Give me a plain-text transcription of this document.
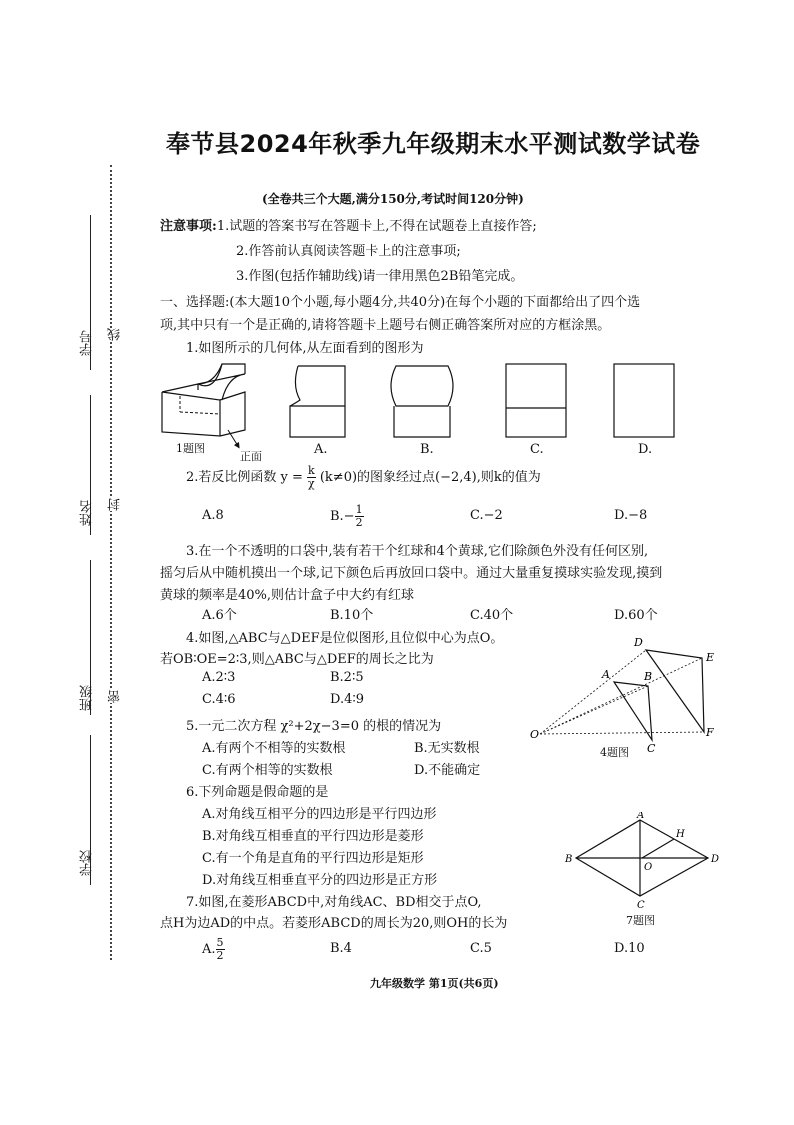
学号
姓名
班级
学校
线
封
密
奉节县2024年秋季九年级期末水平测试数学试卷
(全卷共三个大题,满分150分,考试时间120分钟)
注意事项:1.试题的答案书写在答题卡上,不得在试题卷上直接作答;
2.作答前认真阅读答题卡上的注意事项;
3.作图(包括作辅助线)请一律用黑色2B铅笔完成。
一、选择题:(本大题10个小题,每小题4分,共40分)在每个小题的下面都给出了四个选
项,其中只有一个是正确的,请将答题卡上题号右侧正确答案所对应的方框涂黑。
1.如图所示的几何体,从左面看到的图形为
1题图
正面	A.	B.	C.	D.
2.若反比例函数 $y = \frac{k}{\chi} (k\ne 0)$的图象经过点(−2,4),则k的值为
A.8	$B.- \frac{1}{2}$	C.−2	D.−8
3.在一个不透明的口袋中,装有若干个红球和4个黄球,它们除颜色外没有任何区别,
摇匀后从中随机摸出一个球,记下颜色后再放回口袋中。通过大量重复摸球实验发现,摸到
黄球的频率是40%,则估计盒子中大约有红球
A.6个	B.10个	C.40个	D.60个
4.如图,△ABC与△DEF是位似图形,且位似中心为点O。
若OB∶OE=2∶3,则△ABC与△DEF的周长之比为
A.2∶3	B.2∶5
C.4∶6	D.4∶9
D
E
A	B
O
C
F
4题图
5.一元二次方程 χ²+2χ−3=0 的根的情况为
A.有两个不相等的实数根	B.无实数根
C.有两个相等的实数根	D.不能确定
6.下列命题是假命题的是
A.对角线互相平分的四边形是平行四边形
B.对角线互相垂直的平行四边形是菱形
C.有一个角是直角的平行四边形是矩形
D.对角线互相垂直平分的四边形是正方形
A
H
B
O
D
C
7题图
7.如图,在菱形ABCD中,对角线AC、BD相交于点O,
点H为边AD的中点。若菱形ABCD的周长为20,则OH的长为
A. $\frac{5}{2}$	B.4	C.5	D.10
九年级数学 第1页(共6页)
